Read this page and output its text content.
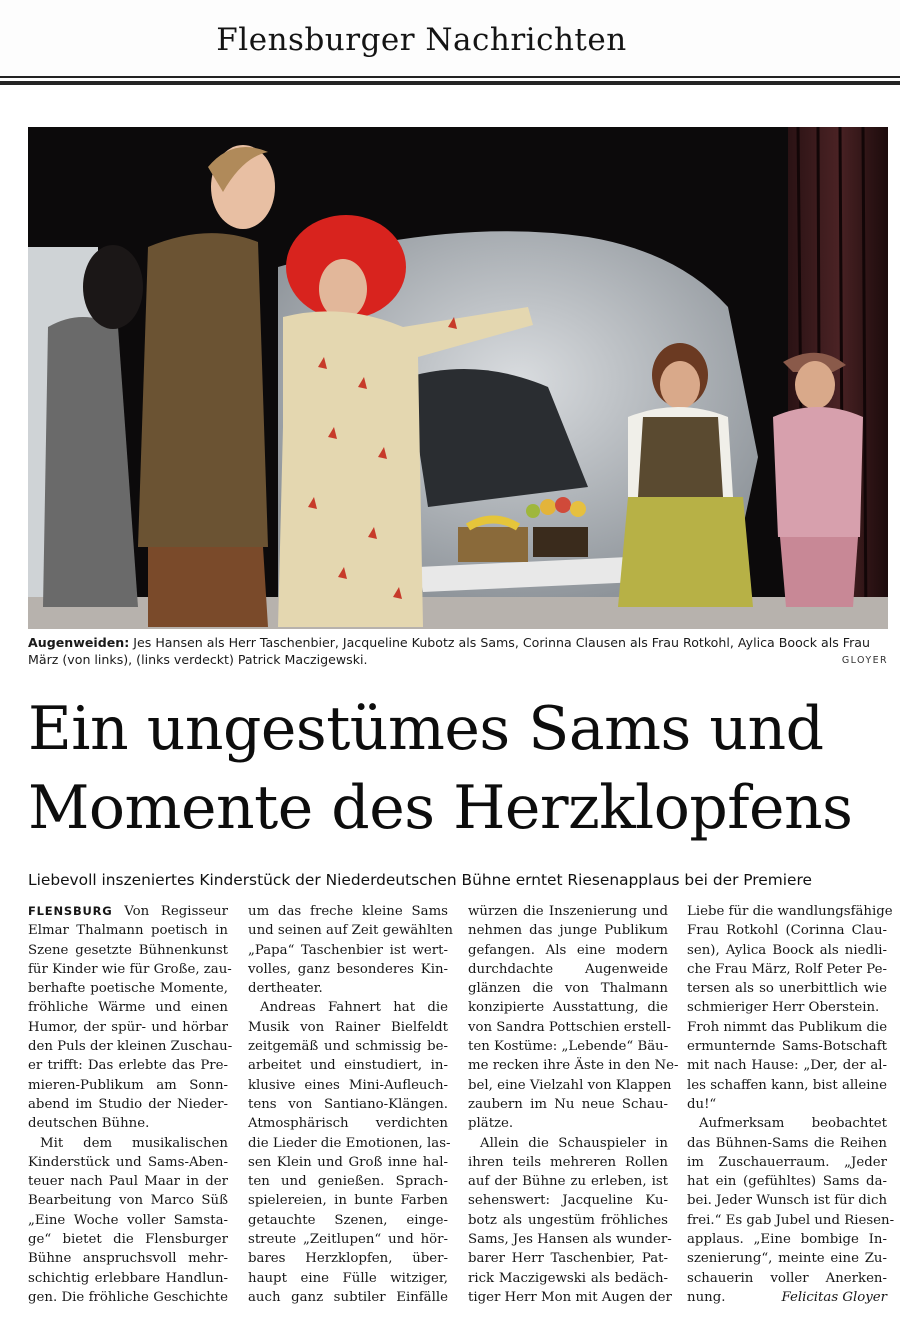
Flensburger Nachrichten
Augenweiden: Jes Hansen als Herr Taschenbier, Jacqueline Kubotz als Sams, Corinna Clausen als Frau Rotkohl, Aylica Boock als Frau März (von links), (links verdeckt) Patrick Maczigewski.	GLOYER
Ein ungestümes Sams und
Momente des Herzklopfens
Liebevoll inszeniertes Kinderstück der Niederdeutschen Bühne erntet Riesenapplaus bei der Premiere
FLENSBURG Von Regisseur
Elmar Thalmann poetisch in
Szene gesetzte Bühnenkunst
für Kinder wie für Große, zau-
berhafte poetische Momente,
fröhliche Wärme und einen
Humor, der spür- und hörbar
den Puls der kleinen Zuschau-
er trifft: Das erlebte das Pre-
mieren-Publikum am Sonn-
abend im Studio der Nieder-
deutschen Bühne.
Mit dem musikalischen
Kinderstück und Sams-Aben-
teuer nach Paul Maar in der
Bearbeitung von Marco Süß
„Eine Woche voller Samsta-
ge“ bietet die Flensburger
Bühne anspruchsvoll mehr-
schichtig erlebbare Handlun-
gen. Die fröhliche Geschichte
um das freche kleine Sams
und seinen auf Zeit gewählten
„Papa“ Taschenbier ist wert-
volles, ganz besonderes Kin-
dertheater.
Andreas Fahnert hat die
Musik von Rainer Bielfeldt
zeitgemäß und schmissig be-
arbeitet und einstudiert, in-
klusive eines Mini-Aufleuch-
tens von Santiano-Klängen.
Atmosphärisch verdichten
die Lieder die Emotionen, las-
sen Klein und Groß inne hal-
ten und genießen. Sprach-
spielereien, in bunte Farben
getauchte Szenen, einge-
streute „Zeitlupen“ und hör-
bares Herzklopfen, über-
haupt eine Fülle witziger,
auch ganz subtiler Einfälle
würzen die Inszenierung und
nehmen das junge Publikum
gefangen. Als eine modern
durchdachte Augenweide
glänzen die von Thalmann
konzipierte Ausstattung, die
von Sandra Pottschien erstell-
ten Kostüme: „Lebende“ Bäu-
me recken ihre Äste in den Ne-
bel, eine Vielzahl von Klappen
zaubern im Nu neue Schau-
plätze.
Allein die Schauspieler in
ihren teils mehreren Rollen
auf der Bühne zu erleben, ist
sehenswert: Jacqueline Ku-
botz als ungestüm fröhliches
Sams, Jes Hansen als wunder-
barer Herr Taschenbier, Pat-
rick Maczigewski als bedäch-
tiger Herr Mon mit Augen der
Liebe für die wandlungsfähige
Frau Rotkohl (Corinna Clau-
sen), Aylica Boock als niedli-
che Frau März, Rolf Peter Pe-
tersen als so unerbittlich wie
schmieriger Herr Oberstein.
Froh nimmt das Publikum die
ermunternde Sams-Botschaft
mit nach Hause: „Der, der al-
les schaffen kann, bist alleine
du!“
Aufmerksam beobachtet
das Bühnen-Sams die Reihen
im Zuschauerraum. „Jeder
hat ein (gefühltes) Sams da-
bei. Jeder Wunsch ist für dich
frei.“ Es gab Jubel und Riesen-
applaus. „Eine bombige In-
szenierung“, meinte eine Zu-
schauerin voller Anerken-
nung.	Felicitas Gloyer
